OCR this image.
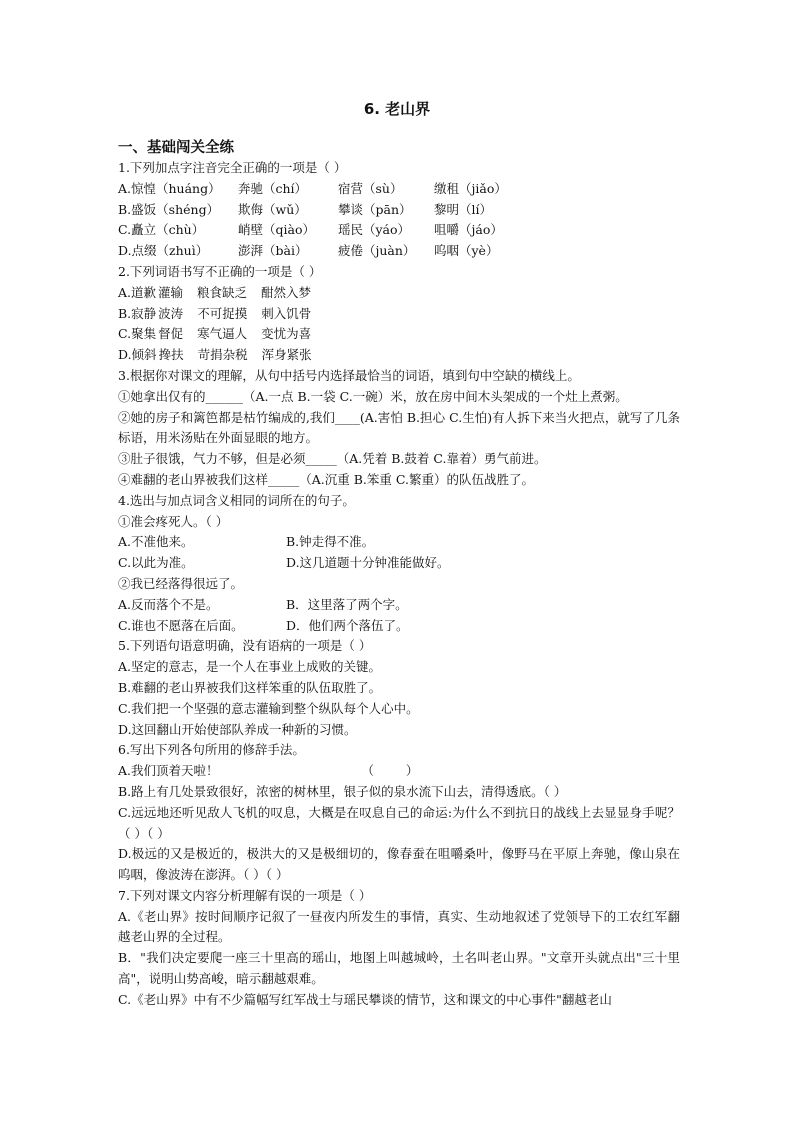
6. 老山界
一、基础闯关全练
1.下列加点字注音完全正确的一项是（ ）
A.惊惶（huáng）	奔驰（chí）	宿营（sù）	缴租（jiǎo）
B.盛饭（shéng）	欺侮（wǔ）	攀谈（pān）	黎明（lí）
C.矗立（chù）	峭壁（qiào）	瑶民（yáo）	咀嚼（jáo）
D.点缀（zhuì）	澎湃（bài）	疲倦（juàn）	呜咽（yè）
2.下列词语书写不正确的一项是（ ）
A.道歉 灌输 粮食缺乏 酣然入梦
B.寂静 波涛 不可捉摸 刺入饥骨
C.聚集 督促 寒气逼人 变忧为喜
D.倾斜 搀扶 苛捐杂税 浑身紧张
3.根据你对课文的理解，从句中括号内选择最恰当的词语，填到句中空缺的横线上。
①她拿出仅有的______（A.一点 B.一袋 C.一碗）米，放在房中间木头架成的一个灶上煮粥。
②她的房子和篱笆都是枯竹编成的,我们____(A.害怕 B.担心 C.生怕)有人拆下来当火把点，就写了几条标语，用米汤贴在外面显眼的地方。
③肚子很饿，气力不够，但是必须_____（A.凭着 B.鼓着 C.靠着）勇气前进。
④难翻的老山界被我们这样_____（A.沉重 B.笨重 C.繁重）的队伍战胜了。
4.选出与加点词含义相同的词所在的句子。
①准会疼死人。（ ）
A.不准他来。	B.钟走得不准。
C.以此为准。	D.这几道题十分钟准能做好。
②我已经落得很远了。
A.反而落个不是。	B．这里落了两个字。
C.谁也不愿落在后面。	D．他们两个落伍了。
5.下列语句语意明确，没有语病的一项是（ ）
A.坚定的意志，是一个人在事业上成败的关键。
B.难翻的老山界被我们这样笨重的队伍取胜了。
C.我们把一个坚强的意志灌输到整个纵队每个人心中。
D.这回翻山开始使部队养成一种新的习惯。
6.写出下列各句所用的修辞手法。
A.我们顶着天啦！                                    （        ）
B.路上有几处景致很好，浓密的树林里，银子似的泉水流下山去，清得透底。（ ）
C.远远地还听见敌人飞机的叹息，大概是在叹息自己的命运:为什么不到抗日的战线上去显显身手呢？（ ）（ ）
D.极远的又是极近的，极洪大的又是极细切的，像春蚕在咀嚼桑叶，像野马在平原上奔驰，像山泉在呜咽，像波涛在澎湃。（ ）（ ）
7.下列对课文内容分析理解有误的一项是（ ）
A.《老山界》按时间顺序记叙了一昼夜内所发生的事情，真实、生动地叙述了党领导下的工农红军翻越老山界的全过程。
B．"我们决定要爬一座三十里高的瑶山，地图上叫越城岭，土名叫老山界。"文章开头就点出"三十里高"，说明山势高峻，暗示翻越艰难。
C.《老山界》中有不少篇幅写红军战士与瑶民攀谈的情节，这和课文的中心事件"翻越老山
